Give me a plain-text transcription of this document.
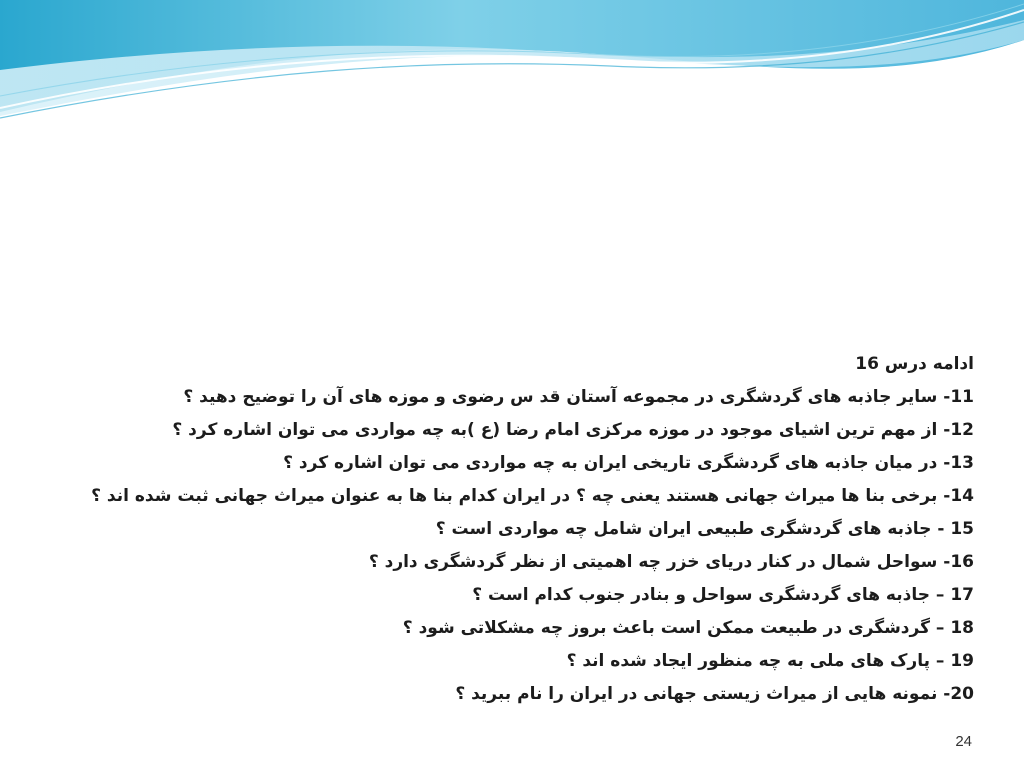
ادامه درس 16
11- سایر جاذبه های گردشگری در مجموعه آستان قد س رضوی و موزه های آن را توضیح دهید ؟
12- از مهم ترین اشیای موجود در موزه مرکزی امام رضا (ع )به چه مواردی می توان اشاره کرد ؟
13- در میان جاذبه های گردشگری تاریخی ایران به چه مواردی می توان اشاره کرد ؟
14- برخی بنا ها میراث جهانی هستند یعنی چه ؟ در ایران کدام بنا ها به عنوان میراث جهانی ثبت شده اند ؟
15 - جاذبه های گردشگری طبیعی ایران شامل چه مواردی است ؟
16- سواحل شمال در کنار دریای خزر چه اهمیتی از نظر گردشگری دارد ؟
17 – جاذبه های گردشگری سواحل و بنادر جنوب کدام است ؟
18 – گردشگری در طبیعت ممکن است باعث بروز چه مشکلاتی شود ؟
19 – پارک های ملی به چه منظور ایجاد شده اند ؟
20- نمونه هایی از میراث زیستی جهانی در ایران را نام ببرید ؟
24
